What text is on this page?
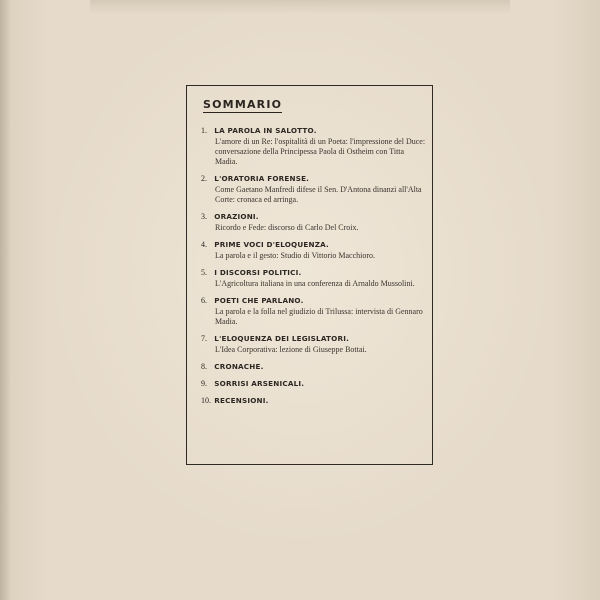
SOMMARIO
1. LA PAROLA IN SALOTTO.
L'amore di un Re: l'ospitalità di un Poeta: l'impressione del Duce: conversazione della Principessa Paola di Ostheim con Titta Madia.
2. L'ORATORIA FORENSE.
Come Gaetano Manfredi difese il Sen. D'Antona dinanzi all'Alta Corte: cronaca ed arringa.
3. ORAZIONI.
Ricordo e Fede: discorso di Carlo Del Croix.
4. PRIME VOCI D'ELOQUENZA.
La parola e il gesto: Studio di Vittorio Macchioro.
5. I DISCORSI POLITICI.
L'Agricoltura italiana in una conferenza di Arnaldo Mussolini.
6. POETI CHE PARLANO.
La parola e la folla nel giudizio di Trilussa: intervista di Gennaro Madia.
7. L'ELOQUENZA DEI LEGISLATORI.
L'Idea Corporativa: lezione di Giuseppe Bottai.
8. CRONACHE.
9. SORRISI ARSENICALI.
10. RECENSIONI.
